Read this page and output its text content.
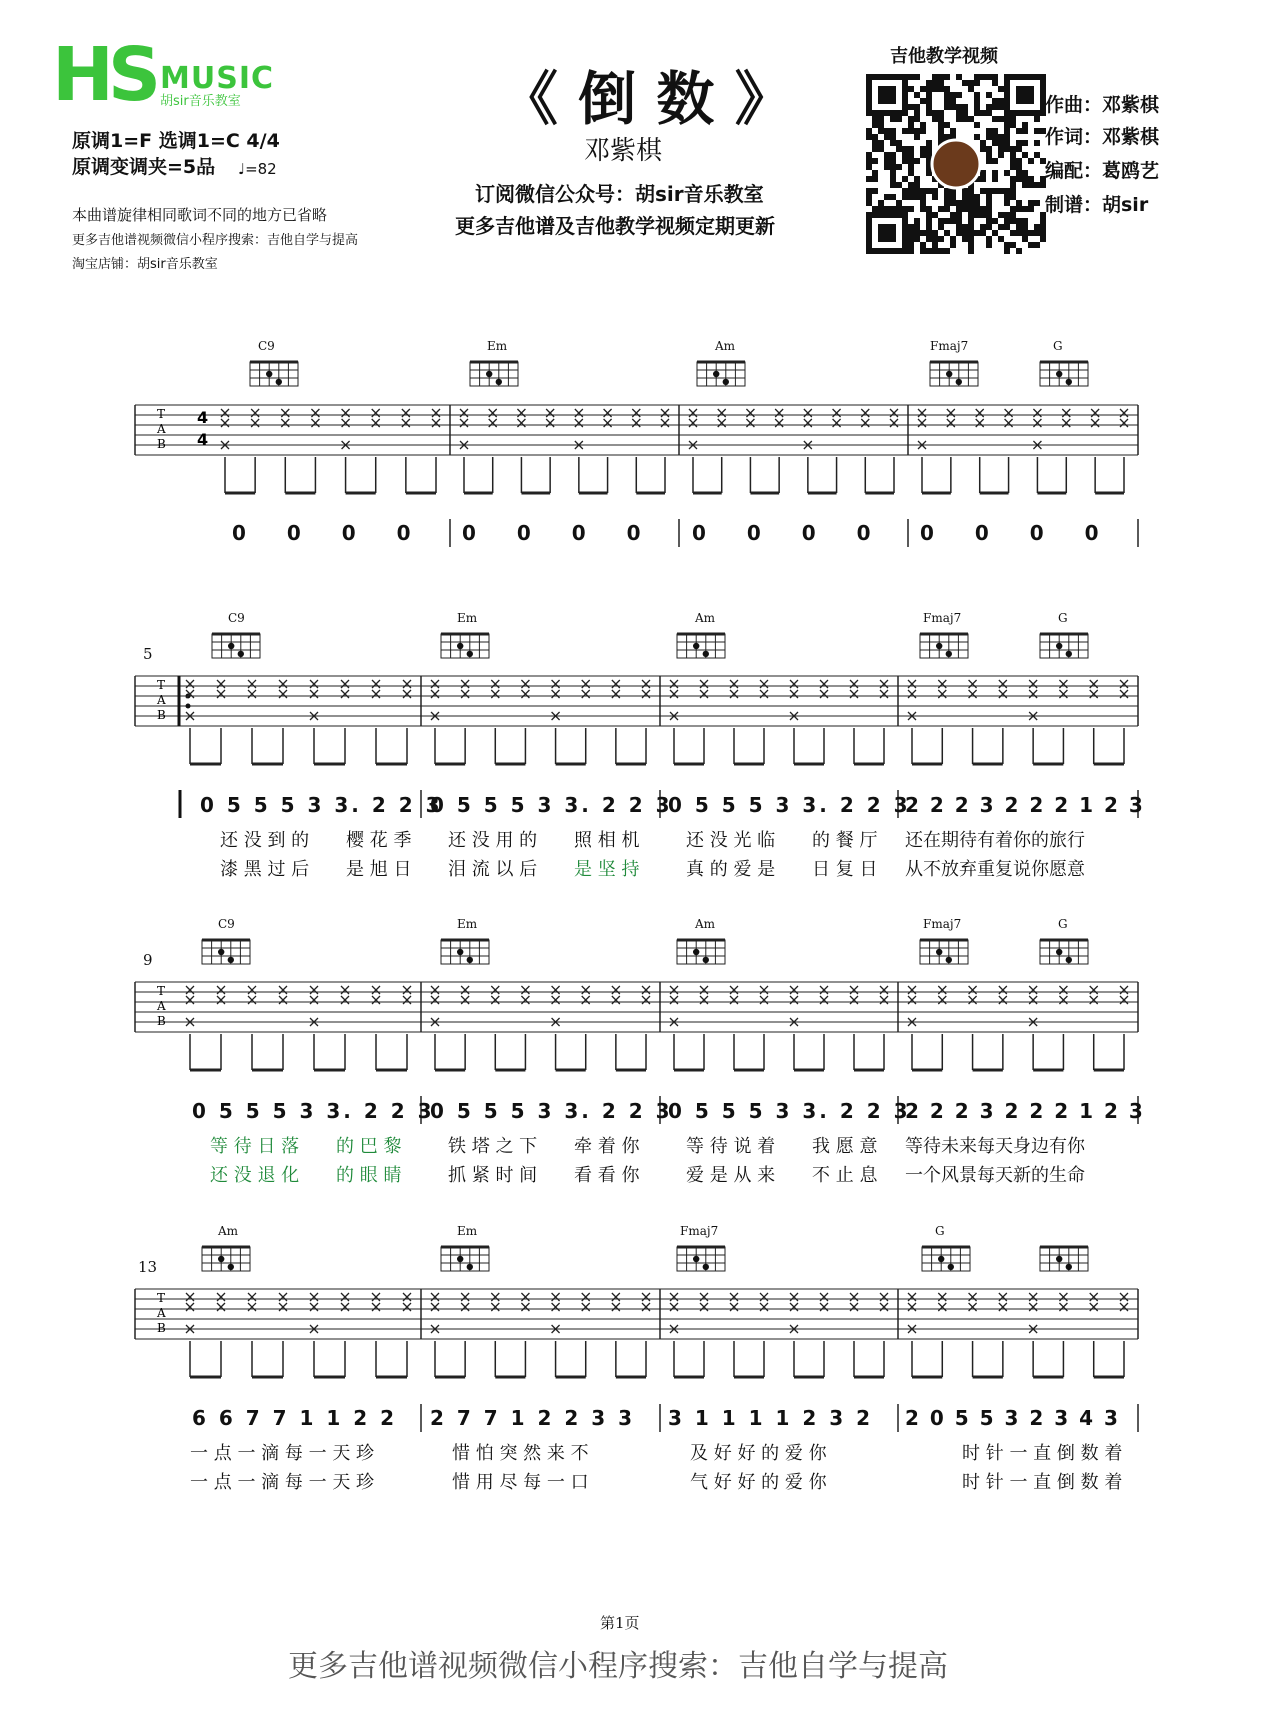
HS MUSIC
胡sir音乐教室
原调1=F 选调1=C 4/4
原调变调夹=5品 ♩=82
本曲谱旋律相同歌词不同的地方已省略
更多吉他谱视频微信小程序搜索：吉他自学与提高
淘宝店铺：胡sir音乐教室
《 倒 数 》
邓紫棋
订阅微信公众号：胡sir音乐教室
更多吉他谱及吉他教学视频定期更新
吉他教学视频
作曲：邓紫棋
作词：邓紫棋
编配：葛鸥艺
制谱：胡sir
T
A
B
4
4
T
A
B
T
A
B
T
A
B
C9	Em	Am	Fmaj7	G
0 0 0 0 0 0 0 0 0 0 0 0 0 0 0 0
5
C9	Em	Am	Fmaj7	G
0 5 5 5 3 3. 2 2 3
0 5 5 5 3 3. 2 2 3
0 5 5 5 3 3. 2 2 3
2 2 2 3 2 2 2 1 2 3
还 没 到 的 樱 花 季 还 没 用 的 照 相 机	还 没 光 临 的 餐 厅 还在期待有着你的旅行
漆 黑 过 后 是 旭 日 泪 流 以 后 是 坚 持	真 的 爱 是 日 复 日 从不放弃重复说你愿意
9
C9	Em	Am	Fmaj7	G
0 5 5 5 3 3. 2 2 3
0 5 5 5 3 3. 2 2 3
0 5 5 5 3 3. 2 2 3
2 2 2 3 2 2 2 1 2 3
等 待 日 落 的 巴 黎	铁 塔 之 下 牵 着 你	等 待 说 着 我 愿 意 等待未来每天身边有你
还 没 退 化 的 眼 睛	抓 紧 时 间 看 看 你	爱 是 从 来 不 止 息 一个风景每天新的生命
13
Am	Em	Fmaj7	G
6 6 7 7 1 1 2 2 2 7 7 1 2 2 3 3 3 1 1 1 1 2 3 2 2 0 5 5 3 2 3 4 3
一 点 一 滴 每 一 天 珍	惜 怕 突 然 来 不	及 好 好 的 爱 你	时 针 一 直 倒 数 着
一 点 一 滴 每 一 天 珍	惜 用 尽 每 一 口	气 好 好 的 爱 你	时 针 一 直 倒 数 着
第1页
更多吉他谱视频微信小程序搜索：吉他自学与提高
